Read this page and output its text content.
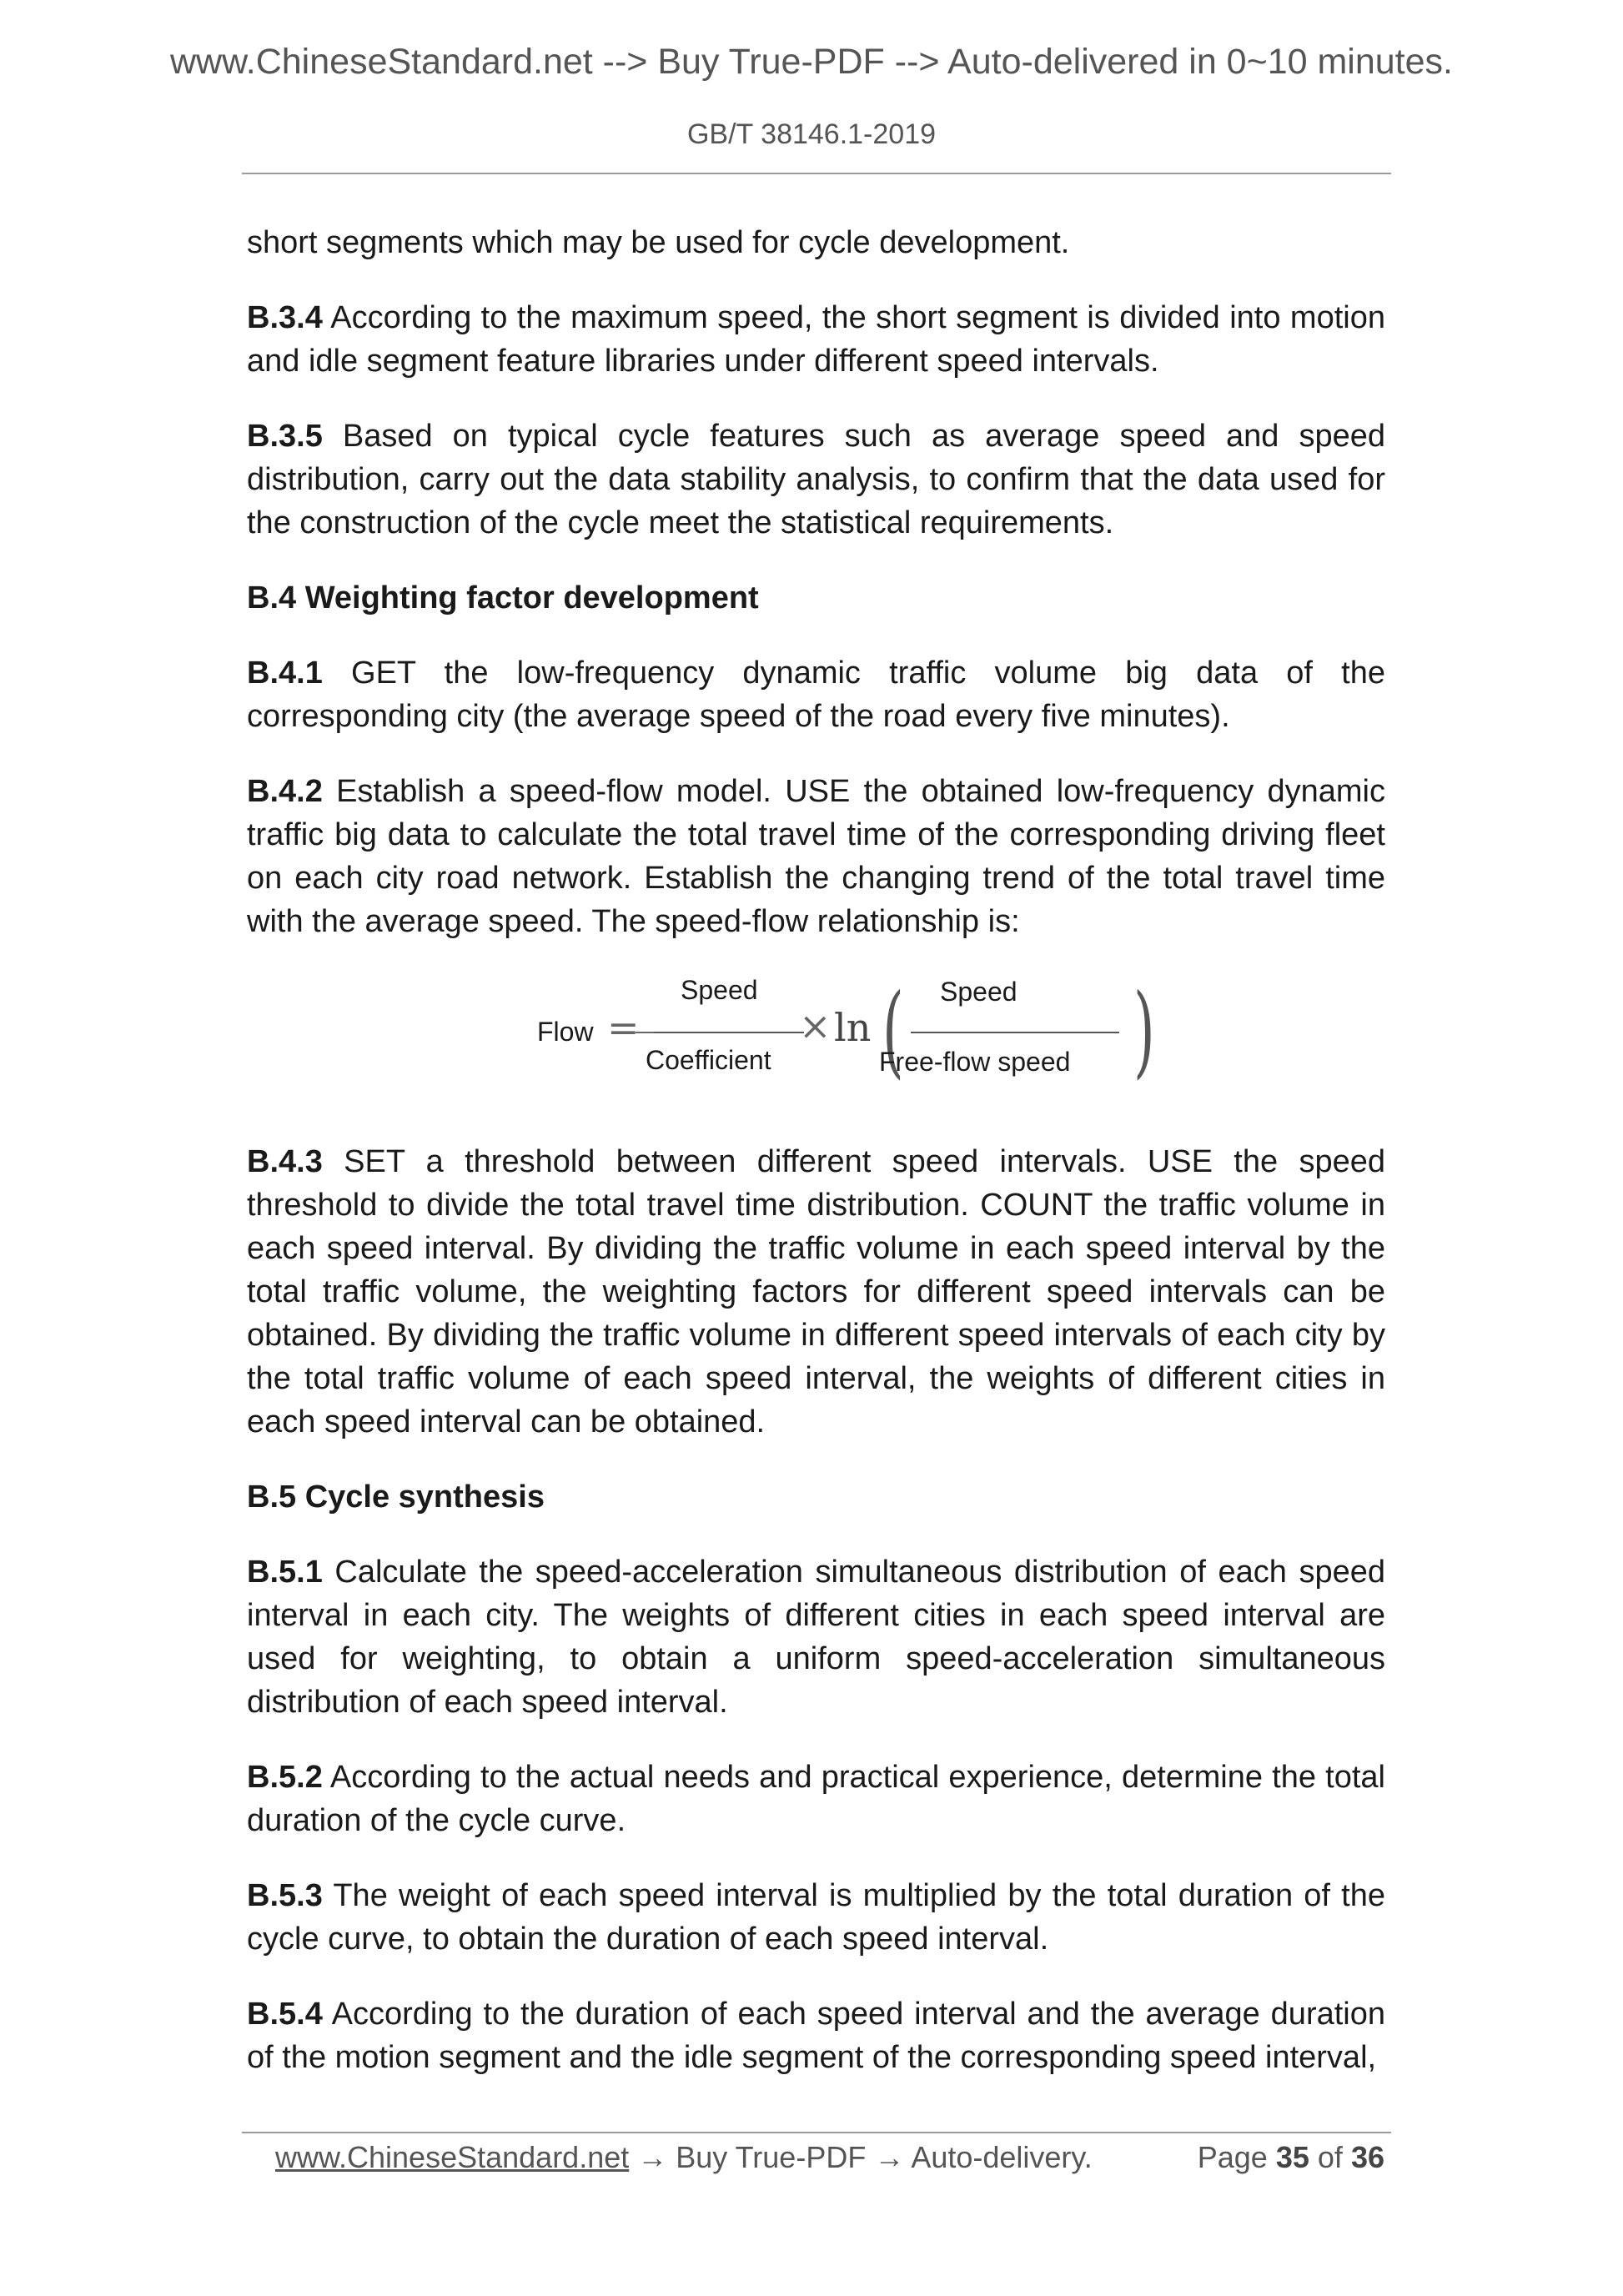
www.ChineseStandard.net --> Buy True-PDF --> Auto-delivered in 0~10 minutes.
GB/T 38146.1-2019

short segments which may be used for cycle development.

B.3.4 According to the maximum speed, the short segment is divided into motion and idle segment feature libraries under different speed intervals.

B.3.5 Based on typical cycle features such as average speed and speed distribution, carry out the data stability analysis, to confirm that the data used for the construction of the cycle meet the statistical requirements.

B.4 Weighting factor development

B.4.1 GET the low-frequency dynamic traffic volume big data of the corresponding city (the average speed of the road every five minutes).

B.4.2 Establish a speed-flow model. USE the obtained low-frequency dynamic traffic big data to calculate the total travel time of the corresponding driving fleet on each city road network. Establish the changing trend of the total travel time with the average speed. The speed-flow relationship is:

Flow =
Speed
Coefficient
× ln ( Speed
Free-flow speed )

B.4.3 SET a threshold between different speed intervals. USE the speed threshold to divide the total travel time distribution. COUNT the traffic volume in each speed interval. By dividing the traffic volume in each speed interval by the total traffic volume, the weighting factors for different speed intervals can be obtained. By dividing the traffic volume in different speed intervals of each city by the total traffic volume of each speed interval, the weights of different cities in each speed interval can be obtained.

B.5 Cycle synthesis

B.5.1 Calculate the speed-acceleration simultaneous distribution of each speed interval in each city. The weights of different cities in each speed interval are used for weighting, to obtain a uniform speed-acceleration simultaneous distribution of each speed interval.

B.5.2 According to the actual needs and practical experience, determine the total duration of the cycle curve.

B.5.3 The weight of each speed interval is multiplied by the total duration of the cycle curve, to obtain the duration of each speed interval.

B.5.4 According to the duration of each speed interval and the average duration of the motion segment and the idle segment of the corresponding speed interval,

www.ChineseStandard.net → Buy True-PDF → Auto-delivery.	Page 35 of 36
